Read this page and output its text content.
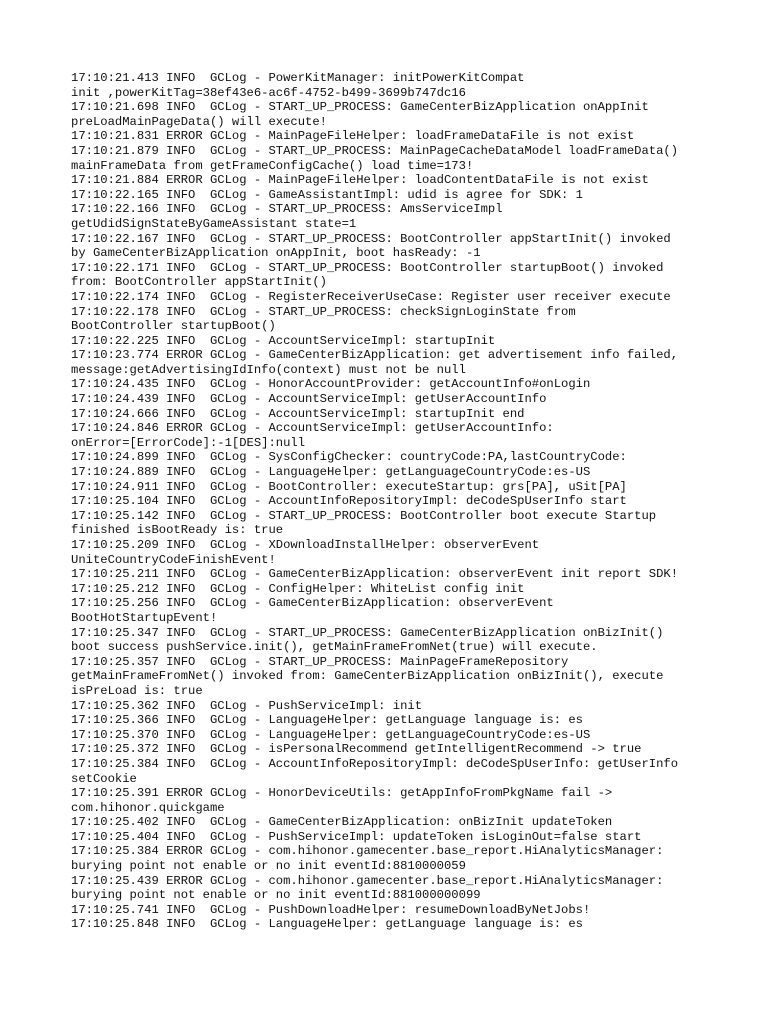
17:10:21.413 INFO  GCLog - PowerKitManager: initPowerKitCompat
init ,powerKitTag=38ef43e6-ac6f-4752-b499-3699b747dc16
17:10:21.698 INFO  GCLog - START_UP_PROCESS: GameCenterBizApplication onAppInit
preLoadMainPageData() will execute!
17:10:21.831 ERROR GCLog - MainPageFileHelper: loadFrameDataFile is not exist
17:10:21.879 INFO  GCLog - START_UP_PROCESS: MainPageCacheDataModel loadFrameData()
mainFrameData from getFrameConfigCache() load time=173!
17:10:21.884 ERROR GCLog - MainPageFileHelper: loadContentDataFile is not exist
17:10:22.165 INFO  GCLog - GameAssistantImpl: udid is agree for SDK: 1
17:10:22.166 INFO  GCLog - START_UP_PROCESS: AmsServiceImpl
getUdidSignStateByGameAssistant state=1
17:10:22.167 INFO  GCLog - START_UP_PROCESS: BootController appStartInit() invoked
by GameCenterBizApplication onAppInit, boot hasReady: -1
17:10:22.171 INFO  GCLog - START_UP_PROCESS: BootController startupBoot() invoked
from: BootController appStartInit()
17:10:22.174 INFO  GCLog - RegisterReceiverUseCase: Register user receiver execute
17:10:22.178 INFO  GCLog - START_UP_PROCESS: checkSignLoginState from
BootController startupBoot()
17:10:22.225 INFO  GCLog - AccountServiceImpl: startupInit
17:10:23.774 ERROR GCLog - GameCenterBizApplication: get advertisement info failed,
message:getAdvertisingIdInfo(context) must not be null
17:10:24.435 INFO  GCLog - HonorAccountProvider: getAccountInfo#onLogin
17:10:24.439 INFO  GCLog - AccountServiceImpl: getUserAccountInfo
17:10:24.666 INFO  GCLog - AccountServiceImpl: startupInit end
17:10:24.846 ERROR GCLog - AccountServiceImpl: getUserAccountInfo:
onError=[ErrorCode]:-1[DES]:null
17:10:24.899 INFO  GCLog - SysConfigChecker: countryCode:PA,lastCountryCode:
17:10:24.889 INFO  GCLog - LanguageHelper: getLanguageCountryCode:es-US
17:10:24.911 INFO  GCLog - BootController: executeStartup: grs[PA], uSit[PA]
17:10:25.104 INFO  GCLog - AccountInfoRepositoryImpl: deCodeSpUserInfo start
17:10:25.142 INFO  GCLog - START_UP_PROCESS: BootController boot execute Startup
finished isBootReady is: true
17:10:25.209 INFO  GCLog - XDownloadInstallHelper: observerEvent
UniteCountryCodeFinishEvent!
17:10:25.211 INFO  GCLog - GameCenterBizApplication: observerEvent init report SDK!
17:10:25.212 INFO  GCLog - ConfigHelper: WhiteList config init
17:10:25.256 INFO  GCLog - GameCenterBizApplication: observerEvent
BootHotStartupEvent!
17:10:25.347 INFO  GCLog - START_UP_PROCESS: GameCenterBizApplication onBizInit()
boot success pushService.init(), getMainFrameFromNet(true) will execute.
17:10:25.357 INFO  GCLog - START_UP_PROCESS: MainPageFrameRepository
getMainFrameFromNet() invoked from: GameCenterBizApplication onBizInit(), execute
isPreLoad is: true
17:10:25.362 INFO  GCLog - PushServiceImpl: init
17:10:25.366 INFO  GCLog - LanguageHelper: getLanguage language is: es
17:10:25.370 INFO  GCLog - LanguageHelper: getLanguageCountryCode:es-US
17:10:25.372 INFO  GCLog - isPersonalRecommend getIntelligentRecommend -> true
17:10:25.384 INFO  GCLog - AccountInfoRepositoryImpl: deCodeSpUserInfo: getUserInfo
setCookie
17:10:25.391 ERROR GCLog - HonorDeviceUtils: getAppInfoFromPkgName fail ->
com.hihonor.quickgame
17:10:25.402 INFO  GCLog - GameCenterBizApplication: onBizInit updateToken
17:10:25.404 INFO  GCLog - PushServiceImpl: updateToken isLoginOut=false start
17:10:25.384 ERROR GCLog - com.hihonor.gamecenter.base_report.HiAnalyticsManager:
burying point not enable or no init eventId:8810000059
17:10:25.439 ERROR GCLog - com.hihonor.gamecenter.base_report.HiAnalyticsManager:
burying point not enable or no init eventId:881000000099
17:10:25.741 INFO  GCLog - PushDownloadHelper: resumeDownloadByNetJobs!
17:10:25.848 INFO  GCLog - LanguageHelper: getLanguage language is: es
